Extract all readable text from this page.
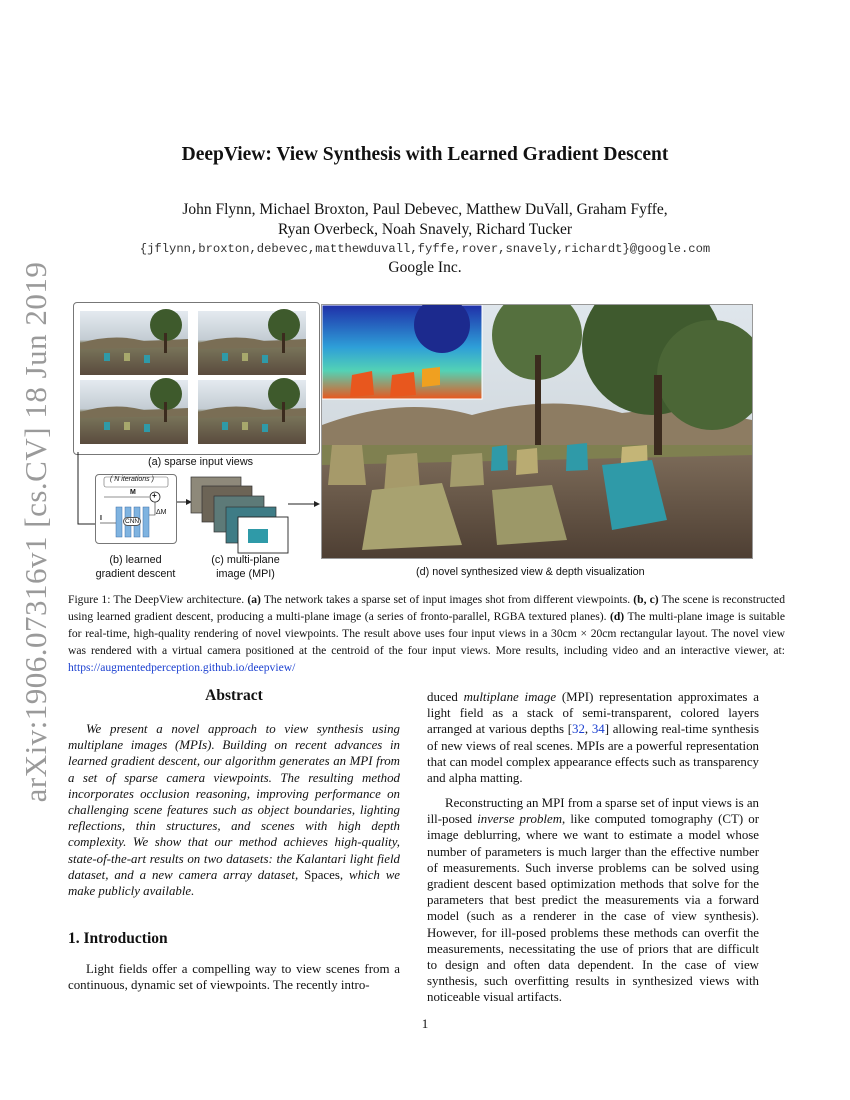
arXiv:1906.07316v1 [cs.CV] 18 Jun 2019
DeepView: View Synthesis with Learned Gradient Descent
John Flynn, Michael Broxton, Paul Debevec, Matthew DuVall, Graham Fyffe,
Ryan Overbeck, Noah Snavely, Richard Tucker
{jflynn,broxton,debevec,matthewduvall,fyffe,rover,snavely,richardt}@google.com
Google Inc.
(a) sparse input views
( N iterations )
M +
ΔM
I	CNN
(b) learned
gradient descent
(c) multi-plane
image (MPI)	(d) novel synthesized view & depth visualization
Figure 1: The DeepView architecture. (a) The network takes a sparse set of input images shot from different viewpoints. (b, c) The scene is reconstructed using learned gradient descent, producing a multi-plane image (a series of fronto-parallel, RGBA textured planes). (d) The multi-plane image is suitable for real-time, high-quality rendering of novel viewpoints. The result above uses four input views in a 30cm × 20cm rectangular layout. The novel view was rendered with a virtual camera positioned at the centroid of the four input views. More results, including video and an interactive viewer, at: https://augmentedperception.github.io/deepview/
Abstract
We present a novel approach to view synthesis using multiplane images (MPIs). Building on recent advances in learned gradient descent, our algorithm generates an MPI from a set of sparse camera viewpoints. The resulting method incorporates occlusion reasoning, improving performance on challenging scene features such as object boundaries, lighting reflections, thin structures, and scenes with high depth complexity. We show that our method achieves high-quality, state-of-the-art results on two datasets: the Kalantari light field dataset, and a new camera array dataset, Spaces, which we make publicly available.
1. Introduction
Light fields offer a compelling way to view scenes from a continuous, dynamic set of viewpoints. The recently intro-
duced multiplane image (MPI) representation approximates a light field as a stack of semi-transparent, colored layers arranged at various depths [32, 34] allowing real-time synthesis of new views of real scenes. MPIs are a powerful representation that can model complex appearance effects such as transparency and alpha matting.
Reconstructing an MPI from a sparse set of input views is an ill-posed inverse problem, like computed tomography (CT) or image deblurring, where we want to estimate a model whose number of parameters is much larger than the effective number of measurements. Such inverse problems can be solved using gradient descent based optimization methods that solve for the parameters that best predict the measurements via a forward model (such as a renderer in the case of view synthesis). However, for ill-posed problems these methods can overfit the measurements, necessitating the use of priors that are difficult to design and often data dependent. In the case of view synthesis, such overfitting results in synthesized views with noticeable visual artifacts.
1
